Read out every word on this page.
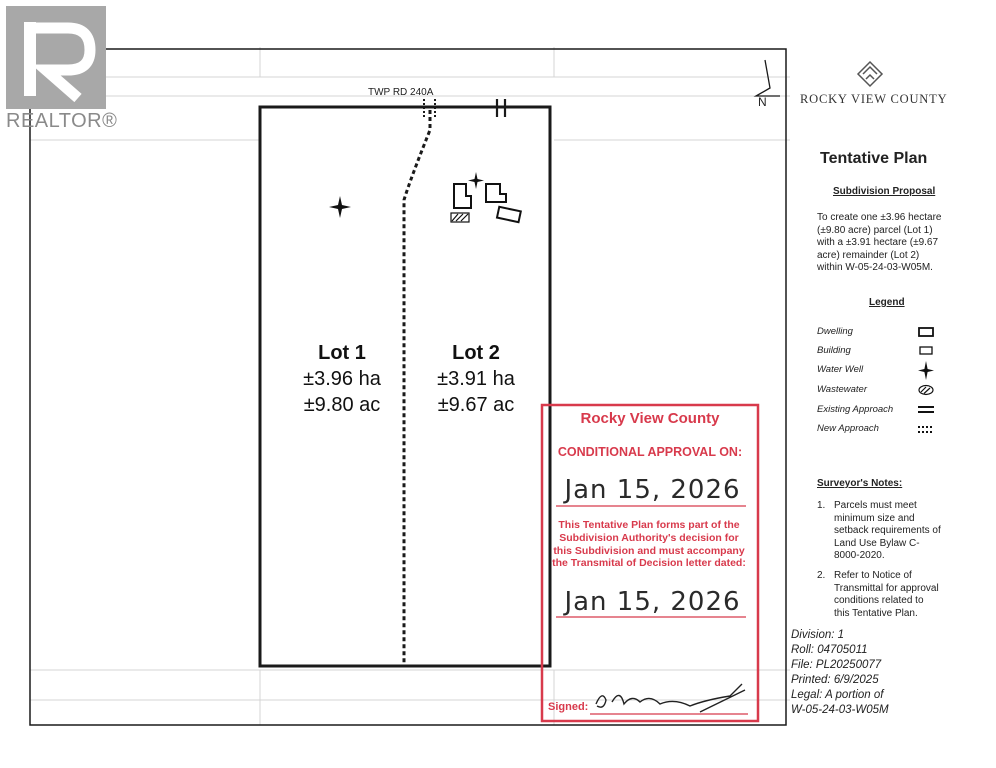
REALTOR®
TWP RD 240A
N
Lot 1
±3.96 ha
±9.80 ac
Lot 2
±3.91 ha
±9.67 ac
ROCKY VIEW COUNTY
Tentative Plan
Subdivision Proposal
To create one ±3.96 hectare
(±9.80 acre) parcel (Lot 1)
with a ±3.91 hectare (±9.67
acre) remainder (Lot 2)
within W-05-24-03-W05M.
Legend
Dwelling
Building
Water Well
Wastewater
Existing Approach
New Approach
Surveyor's Notes:
1. Parcels must meet
minimum size and
setback requirements of
Land Use Bylaw C-
8000-2020.
2. Refer to Notice of
Transmittal for approval
conditions related to
this Tentative Plan.
Division: 1
Roll: 04705011
File: PL20250077
Printed: 6/9/2025
Legal: A portion of
W-05-24-03-W05M
Rocky View County
CONDITIONAL APPROVAL ON:
Jan 15, 2026
This Tentative Plan forms part of the
Subdivision Authority's decision for
this Subdivision and must accompany
the Transmital of Decision letter dated:
Jan 15, 2026
Signed:
